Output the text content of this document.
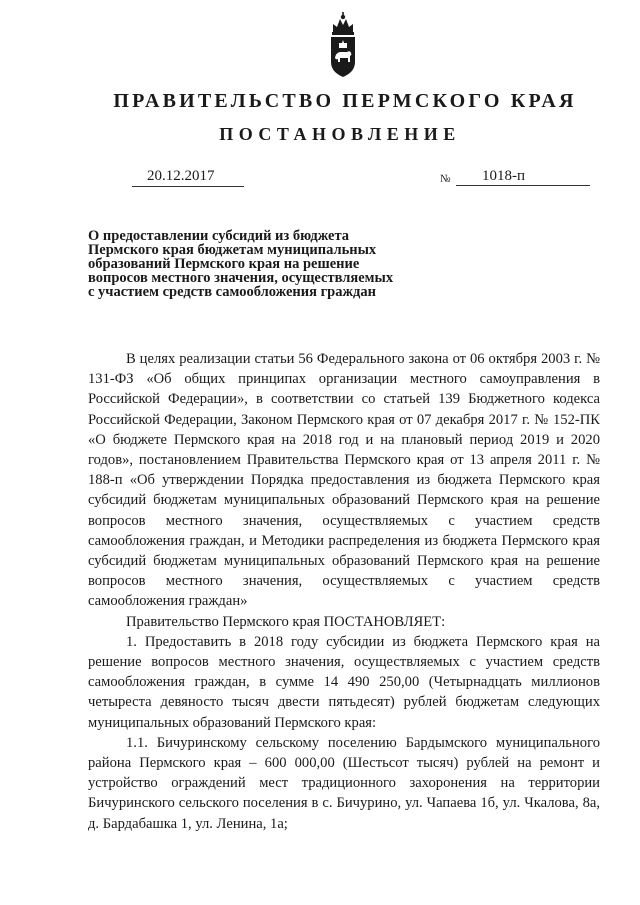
ПРАВИТЕЛЬСТВО ПЕРМСКОГО КРАЯ
ПОСТАНОВЛЕНИЕ
20.12.2017	№ 1018-п
О предоставлении субсидий из бюджета
Пермского края бюджетам муниципальных
образований Пермского края на решение
вопросов местного значения, осуществляемых
с участием средств самообложения граждан

В целях реализации статьи 56 Федерального закона от 06 октября 2003 г. № 131-ФЗ «Об общих принципах организации местного самоуправления в Российской Федерации», в соответствии со статьей 139 Бюджетного кодекса Российской Федерации, Законом Пермского края от 07 декабря 2017 г. № 152-ПК «О бюджете Пермского края на 2018 год и на плановый период 2019 и 2020 годов», постановлением Правительства Пермского края от 13 апреля 2011 г. № 188-п «Об утверждении Порядка предоставления из бюджета Пермского края субсидий бюджетам муниципальных образований Пермского края на решение вопросов местного значения, осуществляемых с участием средств самообложения граждан, и Методики распределения из бюджета Пермского края субсидий бюджетам муниципальных образований Пермского края на решение вопросов местного значения, осуществляемых с участием средств самообложения граждан»

Правительство Пермского края ПОСТАНОВЛЯЕТ:

1. Предоставить в 2018 году субсидии из бюджета Пермского края на решение вопросов местного значения, осуществляемых с участием средств самообложения граждан, в сумме 14 490 250,00 (Четырнадцать миллионов четыреста девяносто тысяч двести пятьдесят) рублей бюджетам следующих муниципальных образований Пермского края:

1.1. Бичуринскому сельскому поселению Бардымского муниципального района Пермского края – 600 000,00 (Шестьсот тысяч) рублей на ремонт и устройство ограждений мест традиционного захоронения на территории Бичуринского сельского поселения в с. Бичурино, ул. Чапаева 1б, ул. Чкалова, 8а, д. Бардабашка 1, ул. Ленина, 1а;
